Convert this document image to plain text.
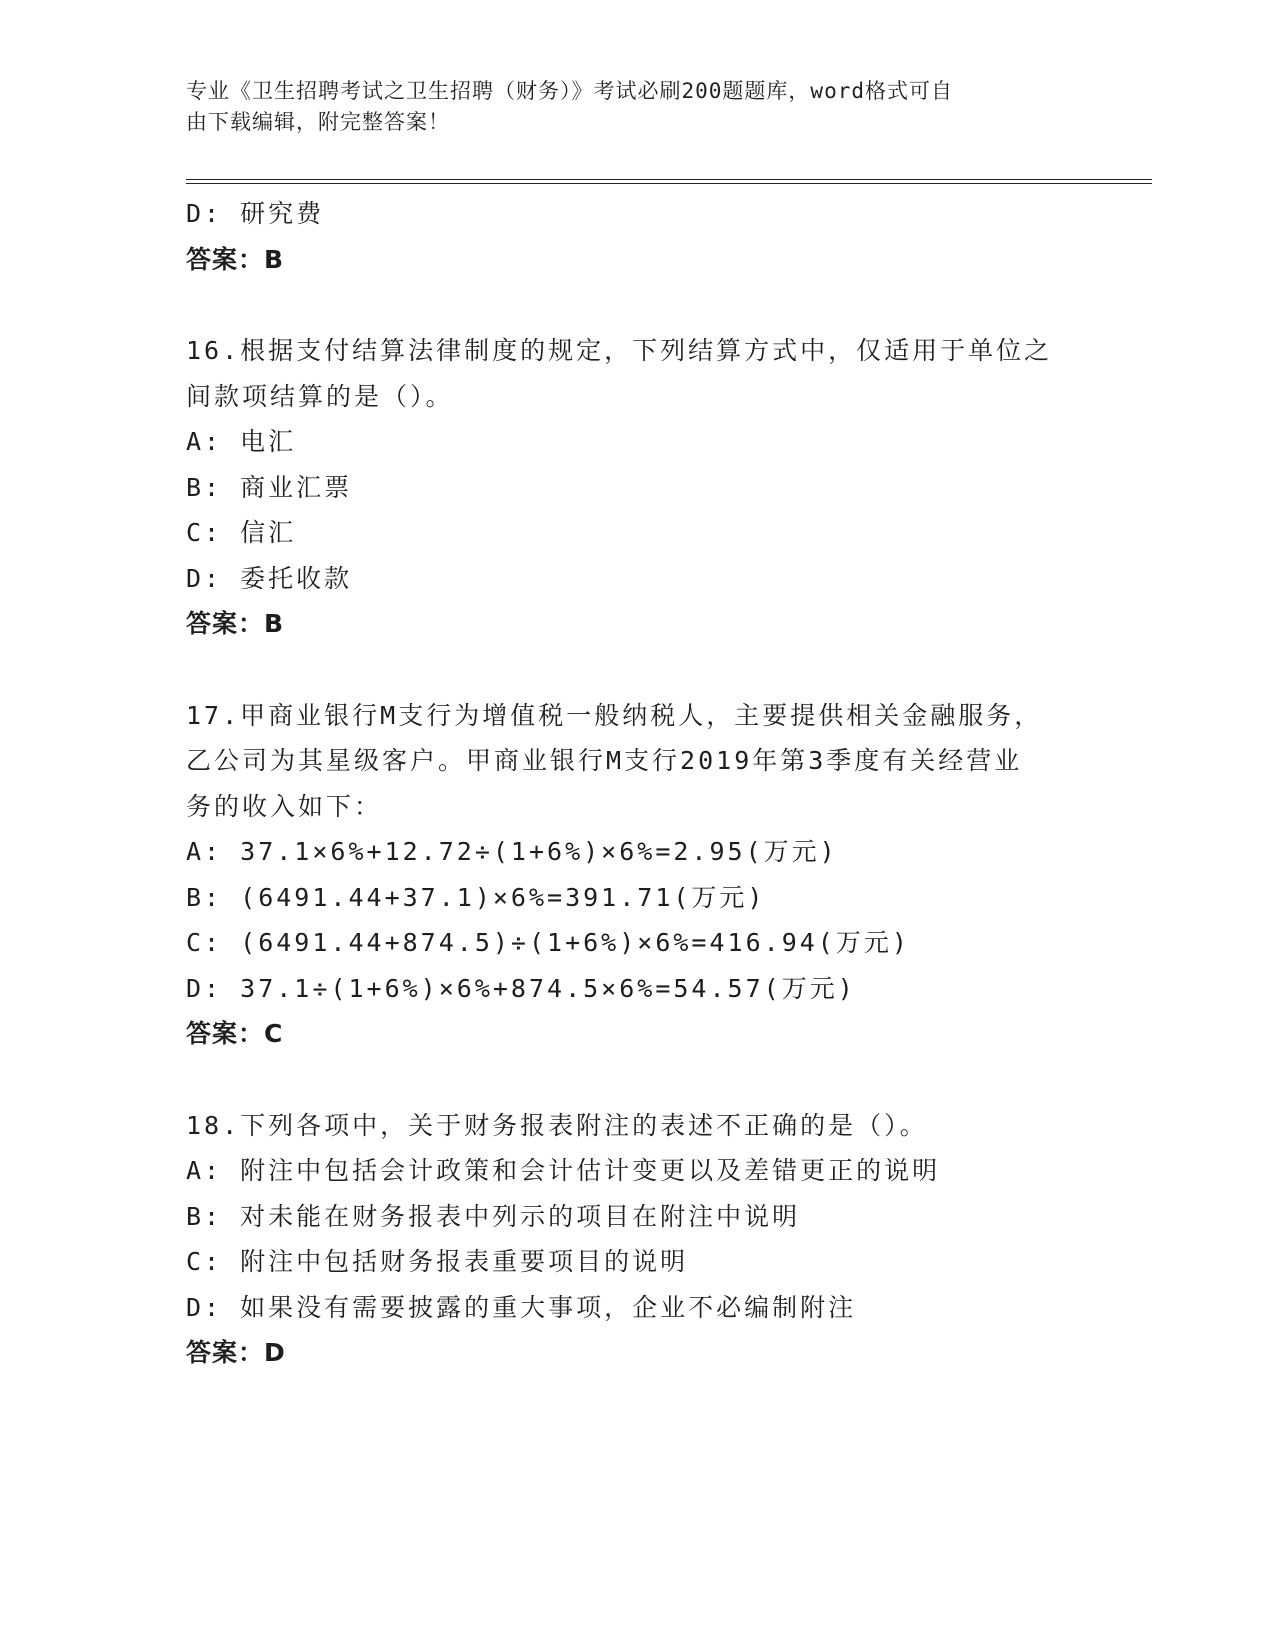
专业《卫生招聘考试之卫生招聘（财务）》考试必刷200题题库，word格式可自
由下载编辑，附完整答案！
D: 研究费
答案：B
16.根据支付结算法律制度的规定，下列结算方式中，仅适用于单位之
间款项结算的是（）。
A: 电汇
B: 商业汇票
C: 信汇
D: 委托收款
答案：B
17.甲商业银行M支行为增值税一般纳税人，主要提供相关金融服务，
乙公司为其星级客户。甲商业银行M支行2019年第3季度有关经营业
务的收入如下：
A: 37.1×6%+12.72÷(1+6%)×6%=2.95(万元)
B: (6491.44+37.1)×6%=391.71(万元)
C: (6491.44+874.5)÷(1+6%)×6%=416.94(万元)
D: 37.1÷(1+6%)×6%+874.5×6%=54.57(万元)
答案：C
18.下列各项中，关于财务报表附注的表述不正确的是（）。
A: 附注中包括会计政策和会计估计变更以及差错更正的说明
B: 对未能在财务报表中列示的项目在附注中说明
C: 附注中包括财务报表重要项目的说明
D: 如果没有需要披露的重大事项，企业不必编制附注
答案：D
